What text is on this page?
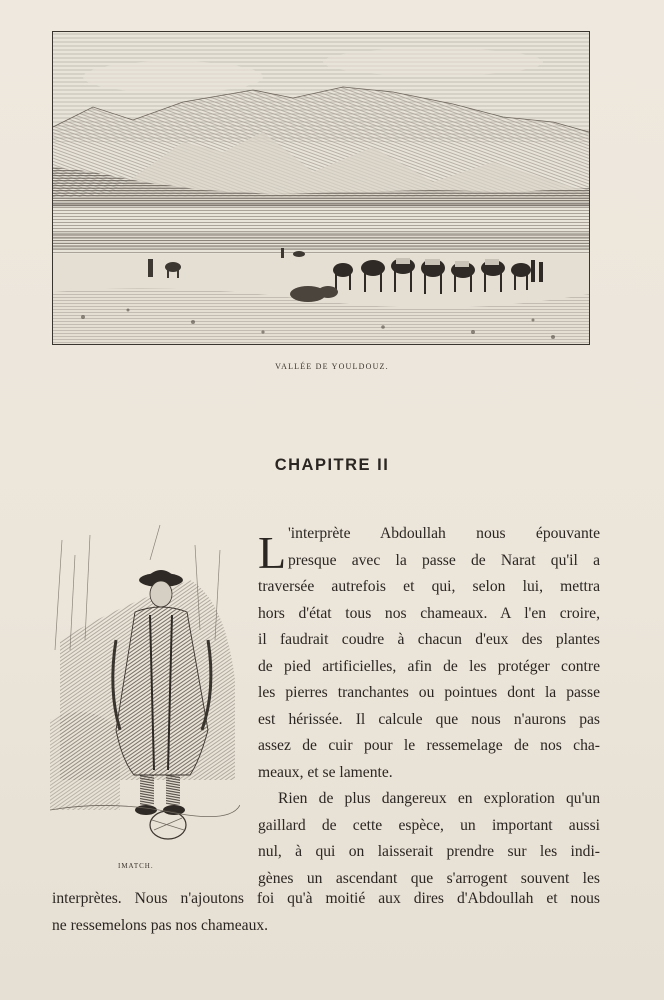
VALLÉE DE YOULDOUZ.
CHAPITRE II
IMATCH.
L 'interprète Abdoullah nous épouvante
presque avec la passe de Narat qu'il a
traversée autrefois et qui, selon lui, mettra
hors d'état tous nos chameaux. A l'en croire,
il faudrait coudre à chacun d'eux des plantes
de pied artificielles, afin de les protéger contre
les pierres tranchantes ou pointues dont la passe
est hérissée. Il calcule que nous n'aurons pas
assez de cuir pour le ressemelage de nos cha-
meaux, et se lamente.
Rien de plus dangereux en exploration qu'un
gaillard de cette espèce, un important aussi
nul, à qui on laisserait prendre sur les indi-
gènes un ascendant que s'arrogent souvent les
interprètes. Nous n'ajoutons foi qu'à moitié aux dires d'Abdoullah et nous
ne ressemelons pas nos chameaux.
